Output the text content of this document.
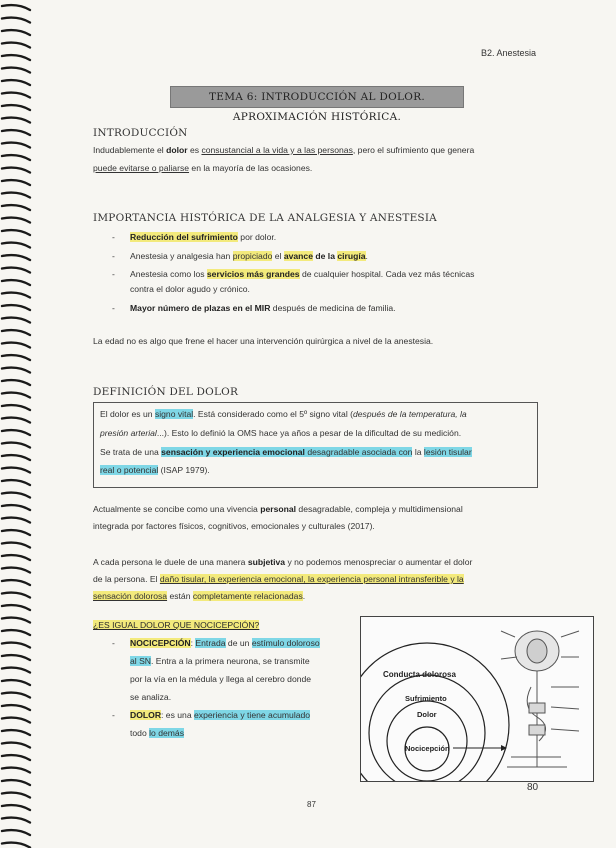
B2. Anestesia
TEMA 6: INTRODUCCIÓN AL DOLOR. APROXIMACIÓN HISTÓRICA.
INTRODUCCIÓN
Indudablemente el dolor es consustancial a la vida y a las personas, pero el sufrimiento que genera
puede evitarse o paliarse en la mayoría de las ocasiones.
IMPORTANCIA HISTÓRICA DE LA ANALGESIA Y ANESTESIA
- Reducción del sufrimiento por dolor.
- Anestesia y analgesia han propiciado el avance de la cirugía.
- Anestesia como los servicios más grandes de cualquier hospital. Cada vez más técnicas
contra el dolor agudo y crónico.
- Mayor número de plazas en el MIR después de medicina de familia.
La edad no es algo que frene el hacer una intervención quirúrgica a nivel de la anestesia.
DEFINICIÓN DEL DOLOR
El dolor es un signo vital. Está considerado como el 5º signo vital (después de la temperatura, la
presión arterial...). Esto lo definió la OMS hace ya años a pesar de la dificultad de su medición.
Se trata de una sensación y experiencia emocional desagradable asociada con la lesión tisular
real o potencial (ISAP 1979).
Actualmente se concibe como una vivencia personal desagradable, compleja y multidimensional
integrada por factores físicos, cognitivos, emocionales y culturales (2017).
A cada persona le duele de una manera subjetiva y no podemos menospreciar o aumentar el dolor
de la persona. El daño tisular, la experiencia emocional, la experiencia personal intransferible y la
sensación dolorosa están completamente relacionadas.
¿ES IGUAL DOLOR QUE NOCICEPCIÓN?
- NOCICEPCIÓN: Entrada de un estímulo doloroso
al SN. Entra a la primera neurona, se transmite
por la vía en la médula y llega al cerebro donde
se analiza.
- DOLOR: es una experiencia y tiene acumulado
todo lo demás
Conducta dolorosa
Sufrimiento
Dolor
Nocicepción
80
87
